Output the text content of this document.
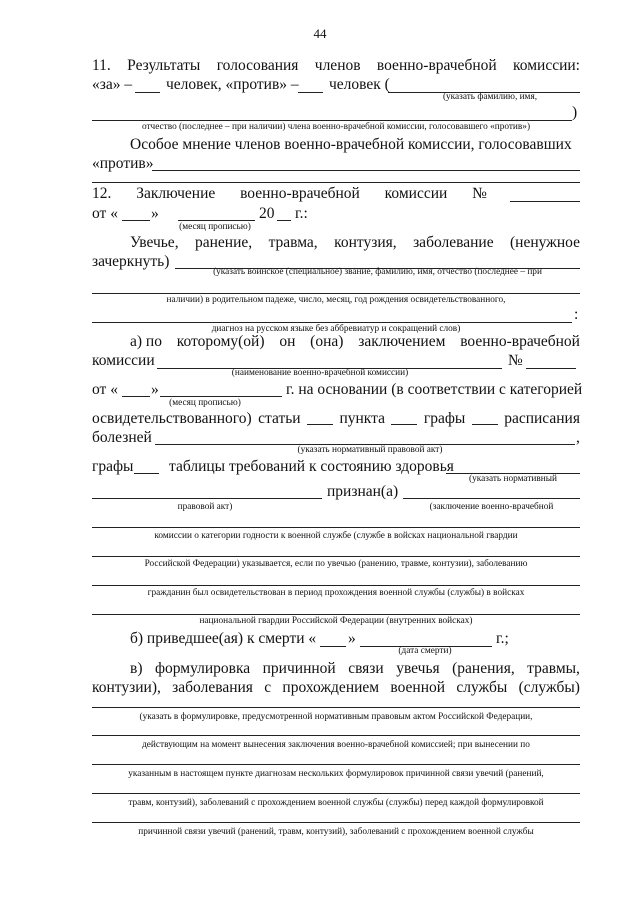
44
11. Результаты голосования членов военно-врачебной комиссии:
«за» – человек, «против» – человек (
(указать фамилию, имя,
)
отчество (последнее – при наличии) члена военно-врачебной комиссии, голосовавшего «против»)
Особое мнение членов военно-врачебной комиссии, голосовавших
«против»
12. Заключение военно-врачебной комиссии №
от « »	20 г.:
(месяц прописью)
Увечье, ранение, травма, контузия, заболевание (ненужное
зачеркнуть)
(указать воинское (специальное) звание, фамилию, имя, отчество (последнее – при
наличии) в родительном падеже, число, месяц, год рождения освидетельствованного,
:
диагноз на русском языке без аббревиатур и сокращений слов)
а) по которому(ой) он (она) заключением военно-врачебной
комиссии	№
(наименование военно-врачебной комиссии)
от « »	г. на основании (в соответствии с категорией
(месяц прописью)
освидетельствованного) статьи	пункта	графы	расписания
болезней	,
(указать нормативный правовой акт)
графы таблицы требований к состоянию здоровья
(указать нормативный
признан(а)
правовой акт)	(заключение военно-врачебной
комиссии о категории годности к военной службе (службе в войсках национальной гвардии
Российской Федерации) указывается, если по увечью (ранению, травме, контузии), заболеванию
гражданин был освидетельствован в период прохождения военной службы (службы) в войсках
национальной гвардии Российской Федерации (внутренних войсках)
б) приведшее(ая) к смерти « »	г.;
(дата смерти)
в) формулировка причинной связи увечья (ранения, травмы,
контузии), заболевания с прохождением военной службы (службы)
(указать в формулировке, предусмотренной нормативным правовым актом Российской Федерации,
действующим на момент вынесения заключения военно-врачебной комиссией; при вынесении по
указанным в настоящем пункте диагнозам нескольких формулировок причинной связи увечий (ранений,
травм, контузий), заболеваний с прохождением военной службы (службы) перед каждой формулировкой
причинной связи увечий (ранений, травм, контузий), заболеваний с прохождением военной службы
